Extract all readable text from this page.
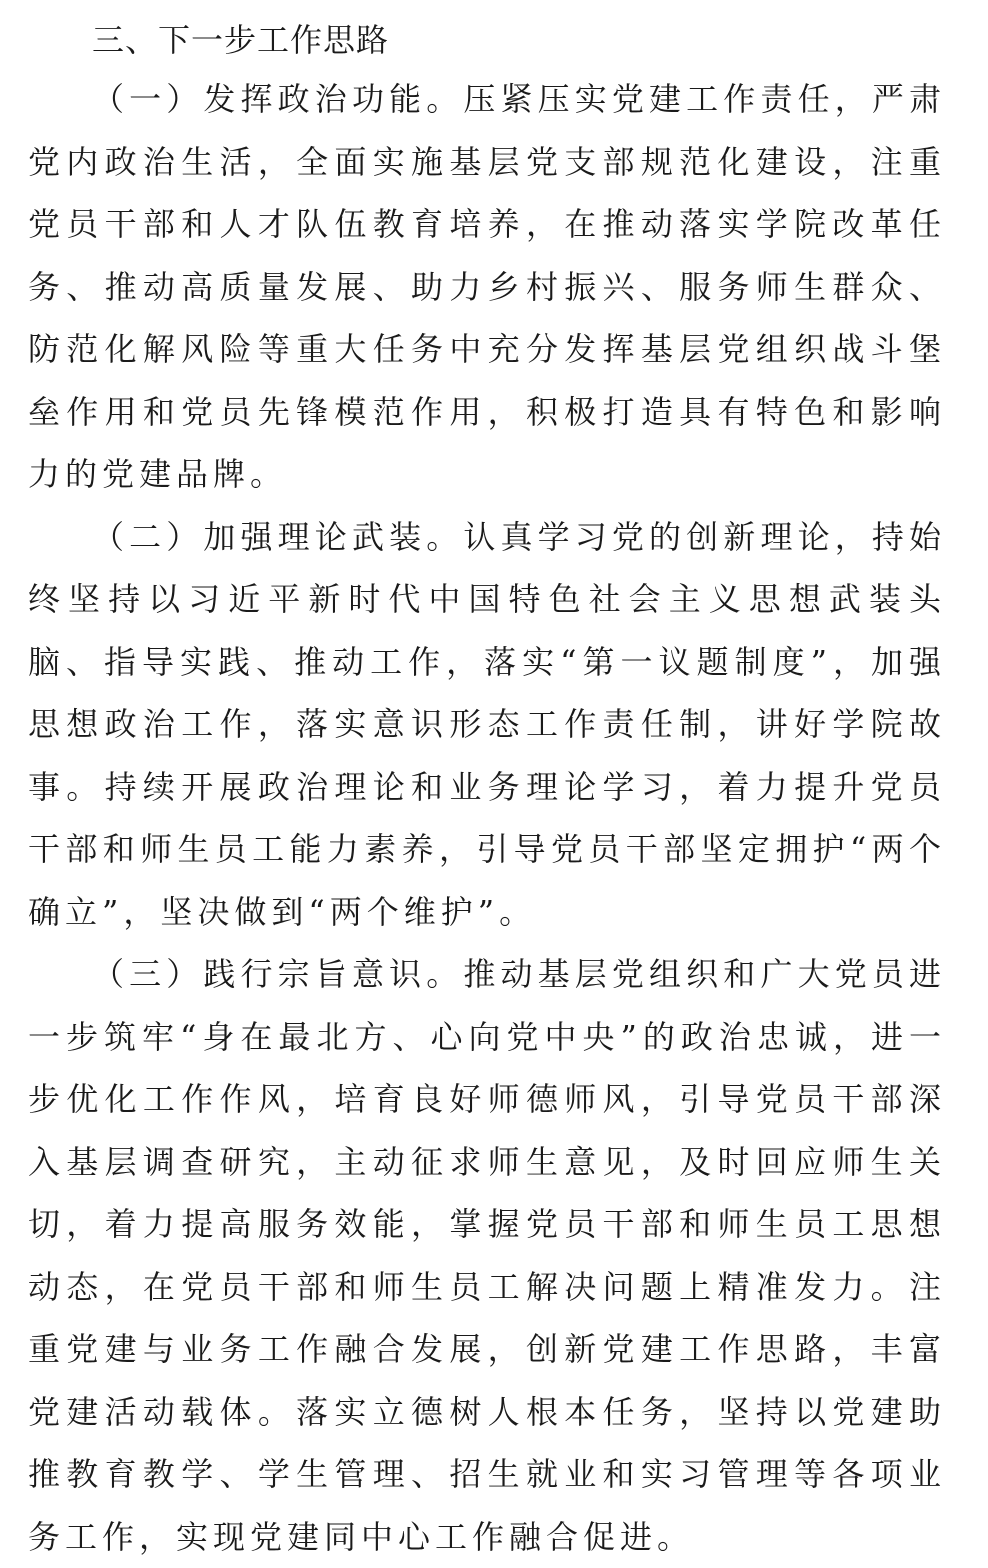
三、下一步工作思路

（一）发挥政治功能。压紧压实党建工作责任，严肃党内政治生活，全面实施基层党支部规范化建设，注重党员干部和人才队伍教育培养，在推动落实学院改革任务、推动高质量发展、助力乡村振兴、服务师生群众、防范化解风险等重大任务中充分发挥基层党组织战斗堡垒作用和党员先锋模范作用，积极打造具有特色和影响力的党建品牌。

（二）加强理论武装。认真学习党的创新理论，持始终坚持以习近平新时代中国特色社会主义思想武装头脑、指导实践、推动工作，落实“第一议题制度”，加强思想政治工作，落实意识形态工作责任制，讲好学院故事。持续开展政治理论和业务理论学习，着力提升党员干部和师生员工能力素养，引导党员干部坚定拥护“两个确立”，坚决做到“两个维护”。

（三）践行宗旨意识。推动基层党组织和广大党员进一步筑牢“身在最北方、心向党中央”的政治忠诚，进一步优化工作作风，培育良好师德师风，引导党员干部深入基层调查研究，主动征求师生意见，及时回应师生关切，着力提高服务效能，掌握党员干部和师生员工思想动态，在党员干部和师生员工解决问题上精准发力。注重党建与业务工作融合发展，创新党建工作思路，丰富党建活动载体。落实立德树人根本任务，坚持以党建助推教育教学、学生管理、招生就业和实习管理等各项业务工作，实现党建同中心工作融合促进。
